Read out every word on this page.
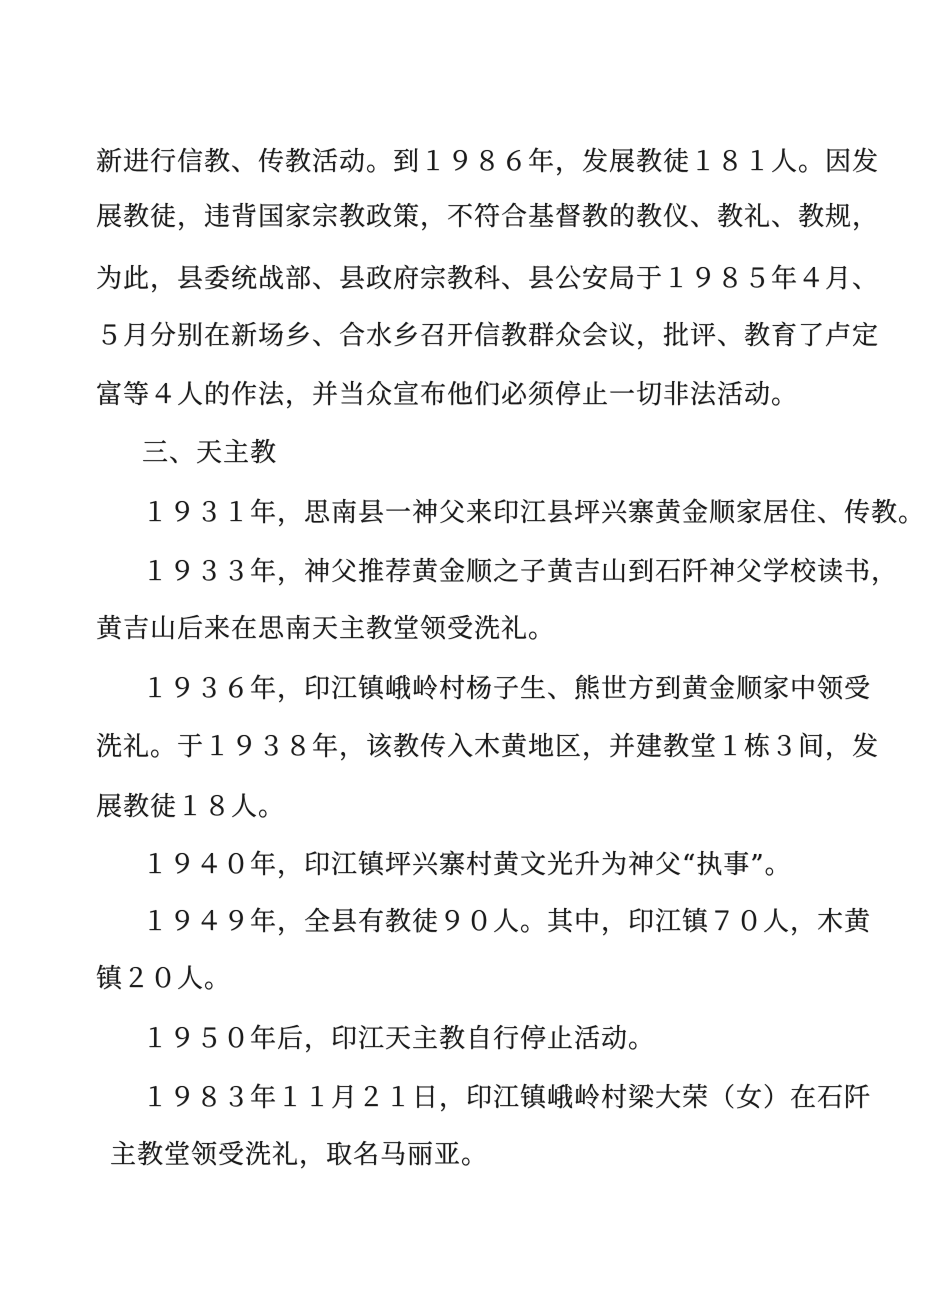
新进行信教、传教活动。到１９８６年，发展教徒１８１人。因发
展教徒，违背国家宗教政策，不符合基督教的教仪、教礼、教规，
为此，县委统战部、县政府宗教科、县公安局于１９８５年４月、
５月分别在新场乡、合水乡召开信教群众会议，批评、教育了卢定
富等４人的作法，并当众宣布他们必须停止一切非法活动。
三、天主教
１９３１年，思南县一神父来印江县坪兴寨黄金顺家居住、传教。
１９３３年，神父推荐黄金顺之子黄吉山到石阡神父学校读书，
黄吉山后来在思南天主教堂领受洗礼。
１９３６年，印江镇峨岭村杨子生、熊世方到黄金顺家中领受
洗礼。于１９３８年，该教传入木黄地区，并建教堂１栋３间，发
展教徒１８人。
１９４０年，印江镇坪兴寨村黄文光升为神父“执事”。
１９４９年，全县有教徒９０人。其中，印江镇７０人，木黄
镇２０人。
１９５０年后，印江天主教自行停止活动。
１９８３年１１月２１日，印江镇峨岭村梁大荣（女）在石阡
主教堂领受洗礼，取名马丽亚。
